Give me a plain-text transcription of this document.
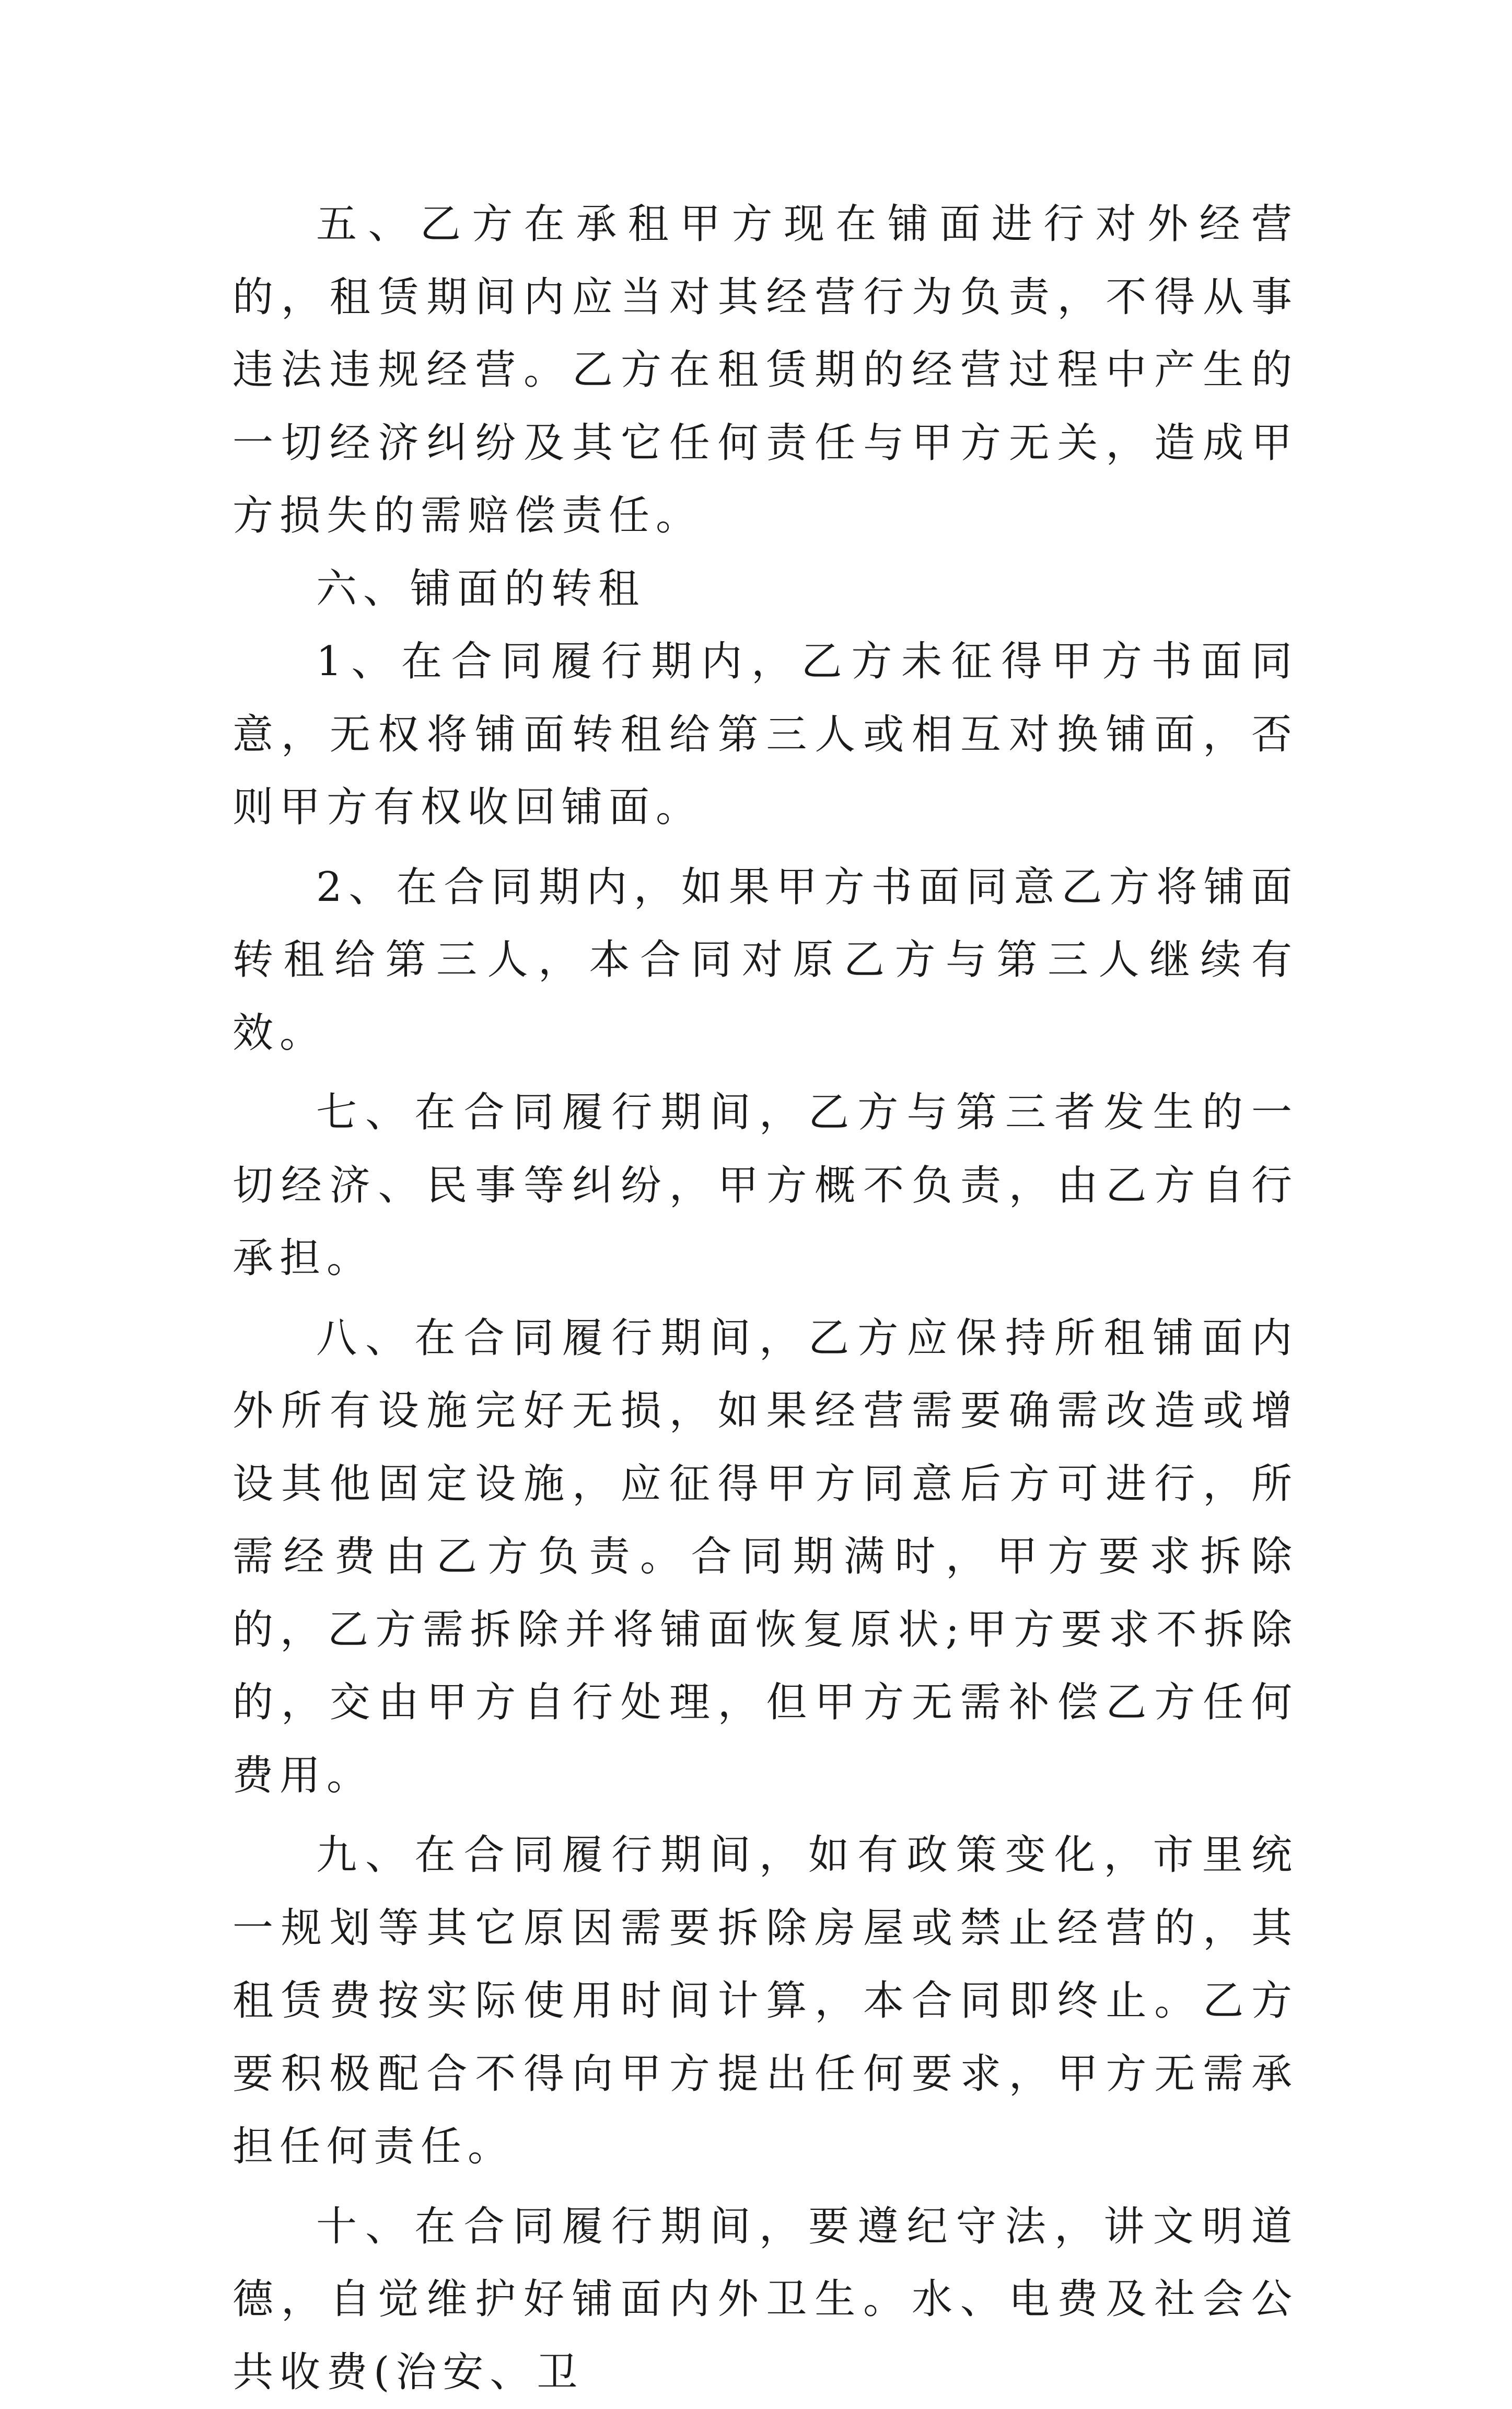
五、乙方在承租甲方现在铺面进行对外经营的，租赁期间内应当对其经营行为负责，不得从事违法违规经营。乙方在租赁期的经营过程中产生的一切经济纠纷及其它任何责任与甲方无关，造成甲方损失的需赔偿责任。

六、铺面的转租

1、在合同履行期内，乙方未征得甲方书面同意，无权将铺面转租给第三人或相互对换铺面，否则甲方有权收回铺面。

2、在合同期内，如果甲方书面同意乙方将铺面转租给第三人，本合同对原乙方与第三人继续有效。

七、在合同履行期间，乙方与第三者发生的一切经济、民事等纠纷，甲方概不负责，由乙方自行承担。

八、在合同履行期间，乙方应保持所租铺面内外所有设施完好无损，如果经营需要确需改造或增设其他固定设施，应征得甲方同意后方可进行，所需经费由乙方负责。合同期满时，甲方要求拆除的，乙方需拆除并将铺面恢复原状;甲方要求不拆除的，交由甲方自行处理，但甲方无需补偿乙方任何费用。

九、在合同履行期间，如有政策变化，市里统一规划等其它原因需要拆除房屋或禁止经营的，其租赁费按实际使用时间计算，本合同即终止。乙方要积极配合不得向甲方提出任何要求，甲方无需承担任何责任。

十、在合同履行期间，要遵纪守法，讲文明道德，自觉维护好铺面内外卫生。水、电费及社会公共收费(治安、卫
